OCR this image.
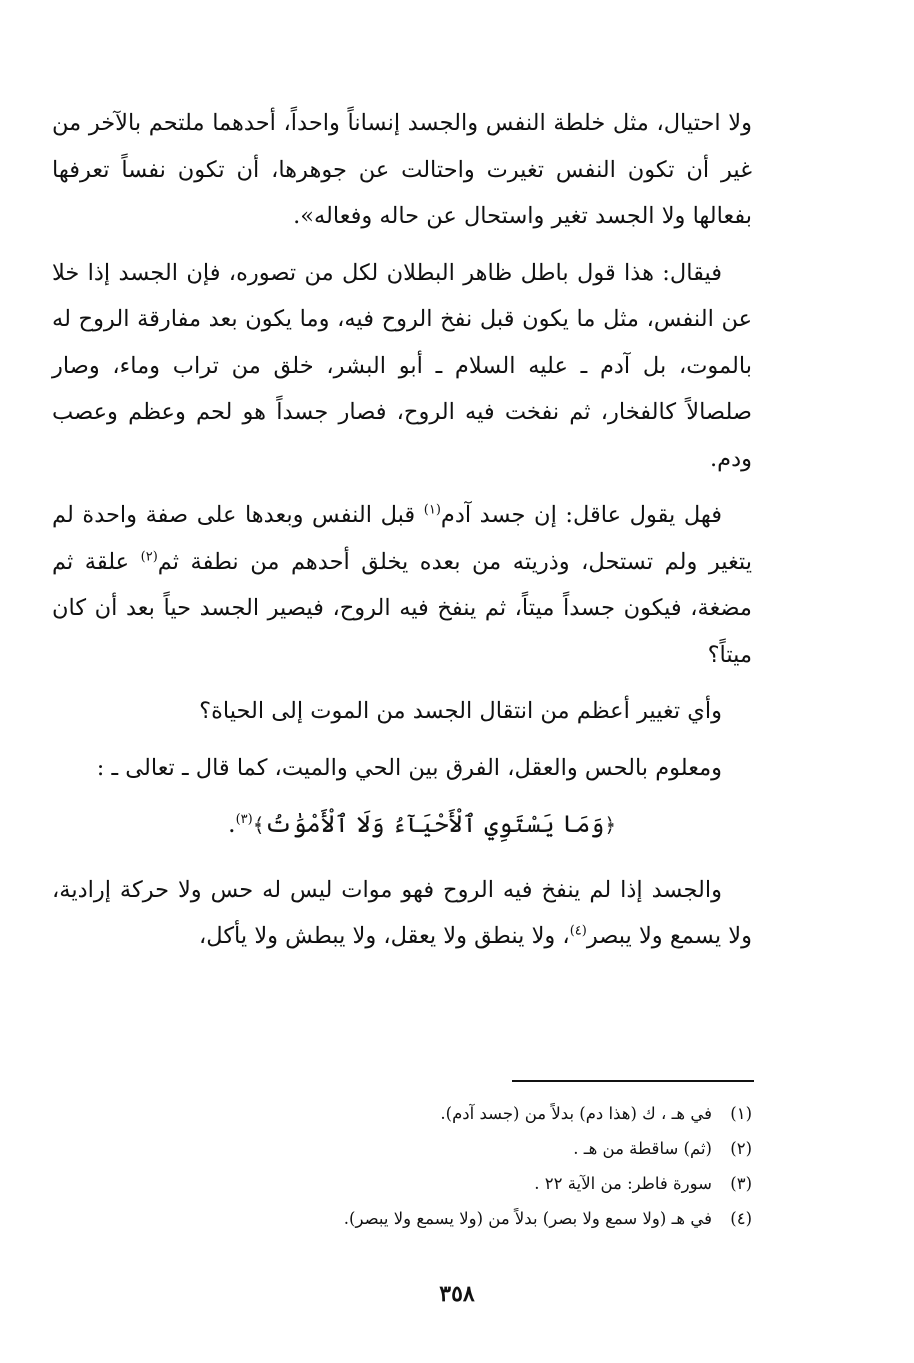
ولا احتيال، مثل خلطة النفس والجسد إنساناً واحداً، أحدهما ملتحم بالآخر من غير أن تكون النفس تغيرت واحتالت عن جوهرها، أن تكون نفساً تعرفها بفعالها ولا الجسد تغير واستحال عن حاله وفعاله».

فيقال: هذا قول باطل ظاهر البطلان لكل من تصوره، فإن الجسد إذا خلا عن النفس، مثل ما يكون قبل نفخ الروح فيه، وما يكون بعد مفارقة الروح له بالموت، بل آدم ـ عليه السلام ـ أبو البشر، خلق من تراب وماء، وصار صلصالاً كالفخار، ثم نفخت فيه الروح، فصار جسداً هو لحم وعظم وعصب ودم.

فهل يقول عاقل: إن جسد آدم$^{(١)}$ قبل النفس وبعدها على صفة واحدة لم يتغير ولم تستحل، وذريته من بعده يخلق أحدهم من نطفة ثم$^{(٢)}$ علقة ثم مضغة، فيكون جسداً ميتاً، ثم ينفخ فيه الروح، فيصير الجسد حياً بعد أن كان ميتاً؟

وأي تغيير أعظم من انتقال الجسد من الموت إلى الحياة؟

ومعلوم بالحس والعقل، الفرق بين الحي والميت، كما قال ـ تعالى ـ :

﴿وَمَا يَسْتَوِي ٱلْأَحْيَآءُ وَلَا ٱلْأَمْوَٰتُ﴾$^{(٣)}$.

والجسد إذا لم ينفخ فيه الروح فهو موات ليس له حس ولا حركة إرادية، ولا يسمع ولا يبصر$^{(٤)}$، ولا ينطق ولا يعقل، ولا يبطش ولا يأكل،

(١)
في هـ ، ك (هذا دم) بدلاً من (جسد آدم).
(٢)
(ثم) ساقطة من هـ .
(٣)
سورة فاطر: من الآية ٢٢ .
(٤)
في هـ (ولا سمع ولا بصر) بدلاً من (ولا يسمع ولا يبصر).
٣٥٨
